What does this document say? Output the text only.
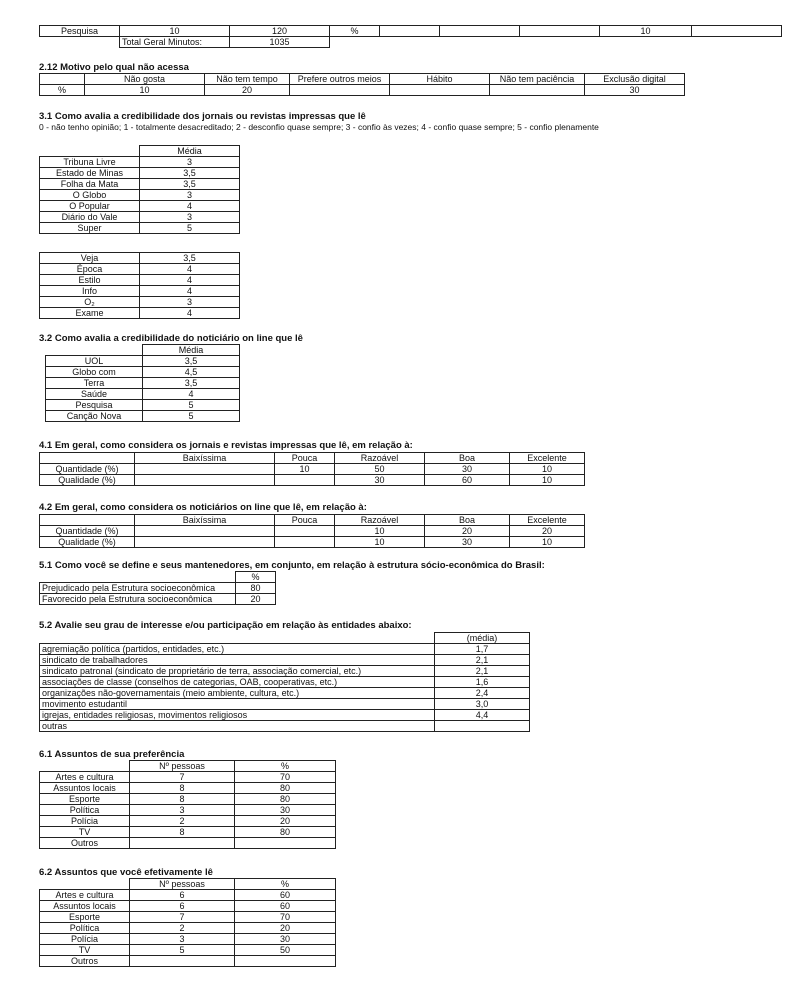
Pesquisa	10	120	%				10	
	Total Geral Minutos:	1035						
2.12 Motivo pelo qual não acessa
	Não gosta	Não tem tempo	Prefere outros meios	Hábito	Não tem paciência	Exclusão digital
%	10	20				30
3.1 Como avalia a credibilidade dos jornais ou revistas impressas que lê
0 - não tenho opinião; 1 - totalmente desacreditado; 2 - desconfio quase sempre; 3 - confio às vezes; 4 - confio quase sempre; 5 - confio plenamente
	Média
Tribuna Livre	3
Estado de Minas	3,5
Folha da Mata	3,5
O Globo	3
O Popular	4
Diário do Vale	3
Super	5
Veja	3,5
Época	4
Estilo	4
Info	4
O₂	3
Exame	4
3.2 Como avalia a credibilidade do noticiário on line que lê
	Média
UOL	3,5
Globo com	4,5
Terra	3,5
Saúde	4
Pesquisa	5
Canção Nova	5
4.1 Em geral, como considera os jornais e revistas impressas que lê, em relação à:
	Baixíssima	Pouca	Razoável	Boa	Excelente
Quantidade (%)		10	50	30	10
Qualidade (%)			30	60	10
4.2 Em geral, como considera os noticiários on line que lê, em relação à:
	Baixíssima	Pouca	Razoável	Boa	Excelente
Quantidade (%)			10	20	20
Qualidade (%)			10	30	10
5.1 Como você se define e seus mantenedores, em conjunto, em relação à estrutura sócio-econômica do Brasil:
	%
Prejudicado pela Estrutura socioeconômica	80
Favorecido pela Estrutura socioeconômica	20
5.2 Avalie seu grau de interesse e/ou participação em relação às entidades abaixo:
	(média)
agremiação política (partidos, entidades, etc.)	1,7
sindicato de trabalhadores	2,1
sindicato patronal (sindicato de proprietário de terra, associação comercial, etc.)	2,1
associações de classe (conselhos de categorias, OAB, cooperativas, etc.)	1,6
organizações não-governamentais (meio ambiente, cultura, etc.)	2,4
movimento estudantil	3,0
igrejas, entidades religiosas, movimentos religiosos	4,4
outras	
6.1 Assuntos de sua preferência
	Nº pessoas	%
Artes e cultura	7	70
Assuntos locais	8	80
Esporte	8	80
Política	3	30
Polícia	2	20
TV	8	80
Outros		
6.2 Assuntos que você efetivamente lê
	Nº pessoas	%
Artes e cultura	6	60
Assuntos locais	6	60
Esporte	7	70
Política	2	20
Polícia	3	30
TV	5	50
Outros		
